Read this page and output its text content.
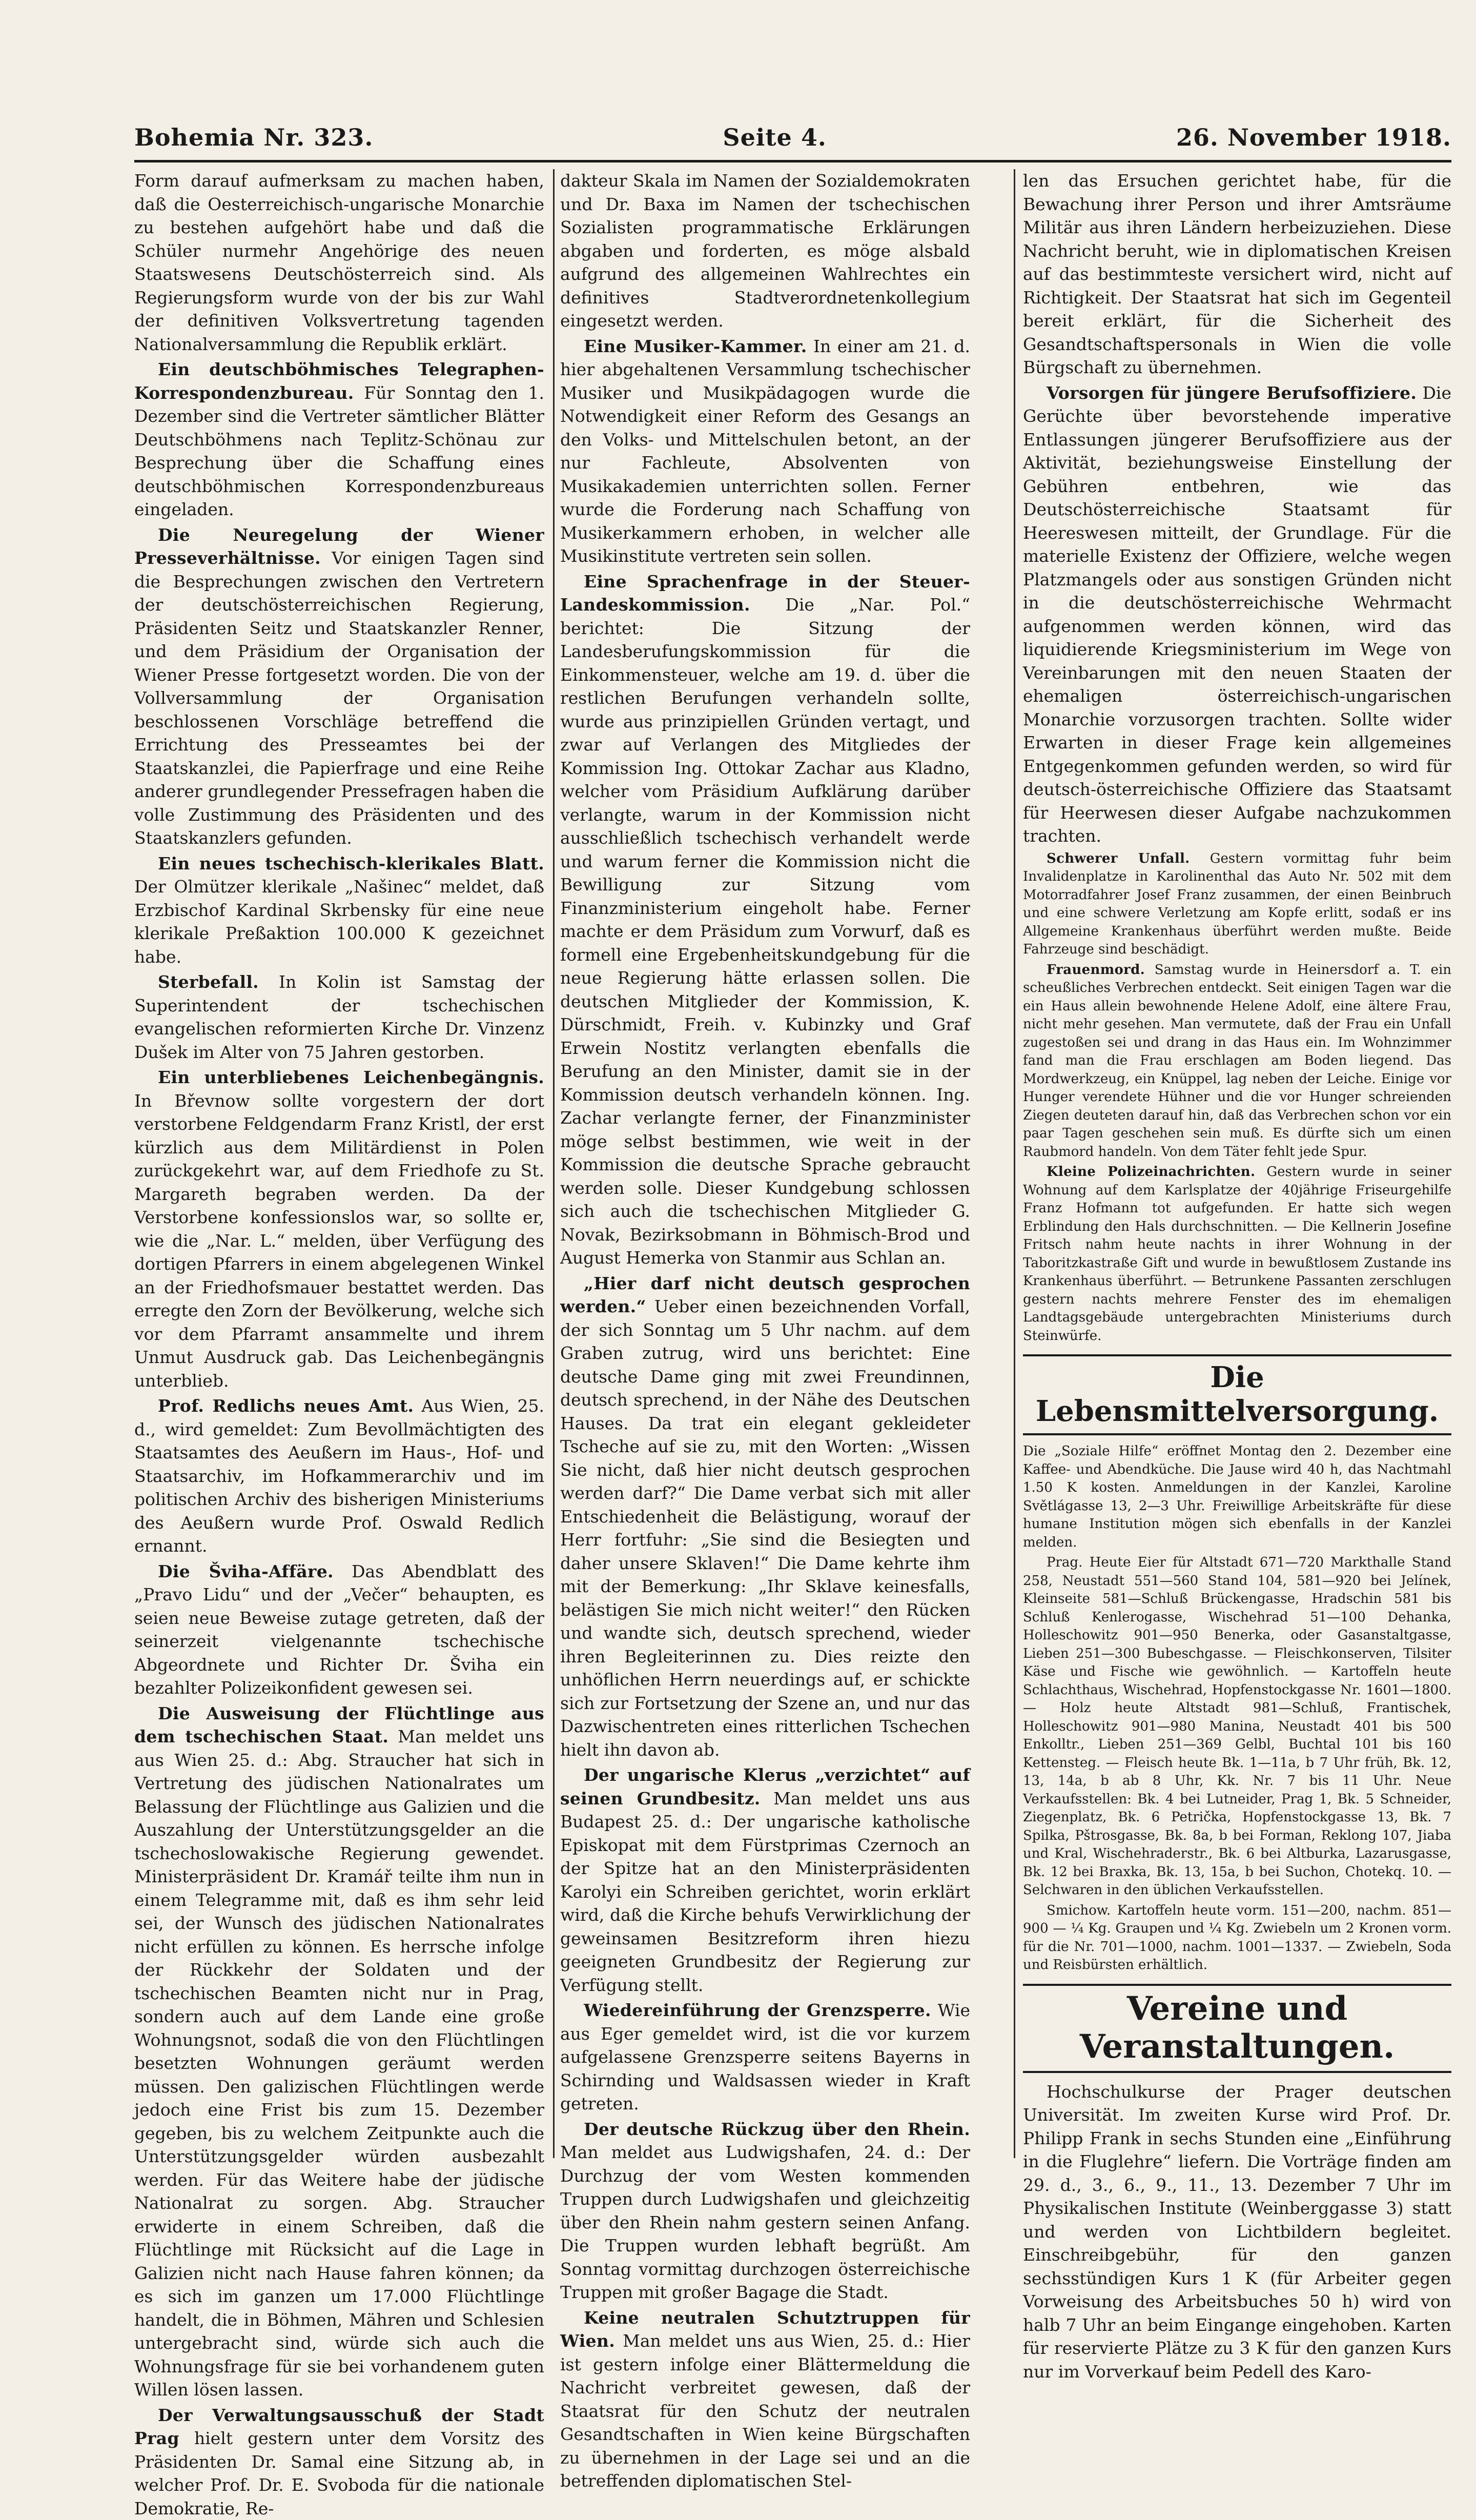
Bohemia Nr. 323.	Seite 4.	26. November 1918.

Form darauf aufmerksam zu machen haben, daß die Oesterreichisch-ungarische Monarchie zu bestehen aufgehört habe und daß die Schüler nurmehr Angehörige des neuen Staatswesens Deutschösterreich sind. Als Regierungsform wurde von der bis zur Wahl der definitiven Volksvertretung tagenden Nationalversammlung die Republik erklärt.

Ein deutschböhmisches Telegraphen-Korrespondenzbureau. Für Sonntag den 1. Dezember sind die Vertreter sämtlicher Blätter Deutschböhmens nach Teplitz-Schönau zur Besprechung über die Schaffung eines deutschböhmischen Korrespondenzbureaus eingeladen.

Die Neuregelung der Wiener Presseverhältnisse. Vor einigen Tagen sind die Besprechungen zwischen den Vertretern der deutschösterreichischen Regierung, Präsidenten Seitz und Staatskanzler Renner, und dem Präsidium der Organisation der Wiener Presse fortgesetzt worden. Die von der Vollversammlung der Organisation beschlossenen Vorschläge betreffend die Errichtung des Presseamtes bei der Staatskanzlei, die Papierfrage und eine Reihe anderer grundlegender Pressefragen haben die volle Zustimmung des Präsidenten und des Staatskanzlers gefunden.

Ein neues tschechisch-klerikales Blatt. Der Olmützer klerikale „Našinec“ meldet, daß Erzbischof Kardinal Skrbensky für eine neue klerikale Preßaktion 100.000 K gezeichnet habe.

Sterbefall. In Kolin ist Samstag der Superintendent der tschechischen evangelischen reformierten Kirche Dr. Vinzenz Dušek im Alter von 75 Jahren gestorben.

Ein unterbliebenes Leichenbegängnis. In Břevnow sollte vorgestern der dort verstorbene Feldgendarm Franz Kristl, der erst kürzlich aus dem Militärdienst in Polen zurückgekehrt war, auf dem Friedhofe zu St. Margareth begraben werden. Da der Verstorbene konfessionslos war, so sollte er, wie die „Nar. L.“ melden, über Verfügung des dortigen Pfarrers in einem abgelegenen Winkel an der Friedhofsmauer bestattet werden. Das erregte den Zorn der Bevölkerung, welche sich vor dem Pfarramt ansammelte und ihrem Unmut Ausdruck gab. Das Leichenbegängnis unterblieb.

Prof. Redlichs neues Amt. Aus Wien, 25. d., wird gemeldet: Zum Bevollmächtigten des Staatsamtes des Aeußern im Haus-, Hof- und Staatsarchiv, im Hofkammerarchiv und im politischen Archiv des bisherigen Ministeriums des Aeußern wurde Prof. Oswald Redlich ernannt.

Die Šviha-Affäre. Das Abendblatt des „Pravo Lidu“ und der „Večer“ behaupten, es seien neue Beweise zutage getreten, daß der seinerzeit vielgenannte tschechische Abgeordnete und Richter Dr. Šviha ein bezahlter Polizeikonfident gewesen sei.

Die Ausweisung der Flüchtlinge aus dem tschechischen Staat. Man meldet uns aus Wien 25. d.: Abg. Straucher hat sich in Vertretung des jüdischen Nationalrates um Belassung der Flüchtlinge aus Galizien und die Auszahlung der Unterstützungsgelder an die tschechoslowakische Regierung gewendet. Ministerpräsident Dr. Kramář teilte ihm nun in einem Telegramme mit, daß es ihm sehr leid sei, der Wunsch des jüdischen Nationalrates nicht erfüllen zu können. Es herrsche infolge der Rückkehr der Soldaten und der tschechischen Beamten nicht nur in Prag, sondern auch auf dem Lande eine große Wohnungsnot, sodaß die von den Flüchtlingen besetzten Wohnungen geräumt werden müssen. Den galizischen Flüchtlingen werde jedoch eine Frist bis zum 15. Dezember gegeben, bis zu welchem Zeitpunkte auch die Unterstützungsgelder würden ausbezahlt werden. Für das Weitere habe der jüdische Nationalrat zu sorgen. Abg. Straucher erwiderte in einem Schreiben, daß die Flüchtlinge mit Rücksicht auf die Lage in Galizien nicht nach Hause fahren können; da es sich im ganzen um 17.000 Flüchtlinge handelt, die in Böhmen, Mähren und Schlesien untergebracht sind, würde sich auch die Wohnungsfrage für sie bei vorhandenem guten Willen lösen lassen.

Der Verwaltungsausschuß der Stadt Prag hielt gestern unter dem Vorsitz des Präsidenten Dr. Samal eine Sitzung ab, in welcher Prof. Dr. E. Svoboda für die nationale Demokratie, Re-

dakteur Skala im Namen der Sozialdemokraten und Dr. Baxa im Namen der tschechischen Sozialisten programmatische Erklärungen abgaben und forderten, es möge alsbald aufgrund des allgemeinen Wahlrechtes ein definitives Stadtverordnetenkollegium eingesetzt werden.

Eine Musiker-Kammer. In einer am 21. d. hier abgehaltenen Versammlung tschechischer Musiker und Musikpädagogen wurde die Notwendigkeit einer Reform des Gesangs an den Volks- und Mittelschulen betont, an der nur Fachleute, Absolventen von Musikakademien unterrichten sollen. Ferner wurde die Forderung nach Schaffung von Musikerkammern erhoben, in welcher alle Musikinstitute vertreten sein sollen.

Eine Sprachenfrage in der Steuer-Landeskommission. Die „Nar. Pol.“ berichtet: Die Sitzung der Landesberufungskommission für die Einkommensteuer, welche am 19. d. über die restlichen Berufungen verhandeln sollte, wurde aus prinzipiellen Gründen vertagt, und zwar auf Verlangen des Mitgliedes der Kommission Ing. Ottokar Zachar aus Kladno, welcher vom Präsidium Aufklärung darüber verlangte, warum in der Kommission nicht ausschließlich tschechisch verhandelt werde und warum ferner die Kommission nicht die Bewilligung zur Sitzung vom Finanzministerium eingeholt habe. Ferner machte er dem Präsidum zum Vorwurf, daß es formell eine Ergebenheitskundgebung für die neue Regierung hätte erlassen sollen. Die deutschen Mitglieder der Kommission, K. Dürschmidt, Freih. v. Kubinzky und Graf Erwein Nostitz verlangten ebenfalls die Berufung an den Minister, damit sie in der Kommission deutsch verhandeln können. Ing. Zachar verlangte ferner, der Finanzminister möge selbst bestimmen, wie weit in der Kommission die deutsche Sprache gebraucht werden solle. Dieser Kundgebung schlossen sich auch die tschechischen Mitglieder G. Novak, Bezirksobmann in Böhmisch-Brod und August Hemerka von Stanmir aus Schlan an.

„Hier darf nicht deutsch gesprochen werden.“ Ueber einen bezeichnenden Vorfall, der sich Sonntag um 5 Uhr nachm. auf dem Graben zutrug, wird uns berichtet: Eine deutsche Dame ging mit zwei Freundinnen, deutsch sprechend, in der Nähe des Deutschen Hauses. Da trat ein elegant gekleideter Tscheche auf sie zu, mit den Worten: „Wissen Sie nicht, daß hier nicht deutsch gesprochen werden darf?“ Die Dame verbat sich mit aller Entschiedenheit die Belästigung, worauf der Herr fortfuhr: „Sie sind die Besiegten und daher unsere Sklaven!“ Die Dame kehrte ihm mit der Bemerkung: „Ihr Sklave keinesfalls, belästigen Sie mich nicht weiter!“ den Rücken und wandte sich, deutsch sprechend, wieder ihren Begleiterinnen zu. Dies reizte den unhöflichen Herrn neuerdings auf, er schickte sich zur Fortsetzung der Szene an, und nur das Dazwischentreten eines ritterlichen Tschechen hielt ihn davon ab.

Der ungarische Klerus „verzichtet“ auf seinen Grundbesitz. Man meldet uns aus Budapest 25. d.: Der ungarische katholische Episkopat mit dem Fürstprimas Czernoch an der Spitze hat an den Ministerpräsidenten Karolyi ein Schreiben gerichtet, worin erklärt wird, daß die Kirche behufs Verwirklichung der geweinsamen Besitzreform ihren hiezu geeigneten Grundbesitz der Regierung zur Verfügung stellt.

Wiedereinführung der Grenzsperre. Wie aus Eger gemeldet wird, ist die vor kurzem aufgelassene Grenzsperre seitens Bayerns in Schirnding und Waldsassen wieder in Kraft getreten.

Der deutsche Rückzug über den Rhein. Man meldet aus Ludwigshafen, 24. d.: Der Durchzug der vom Westen kommenden Truppen durch Ludwigshafen und gleichzeitig über den Rhein nahm gestern seinen Anfang. Die Truppen wurden lebhaft begrüßt. Am Sonntag vormittag durchzogen österreichische Truppen mit großer Bagage die Stadt.

Keine neutralen Schutztruppen für Wien. Man meldet uns aus Wien, 25. d.: Hier ist gestern infolge einer Blättermeldung die Nachricht verbreitet gewesen, daß der Staatsrat für den Schutz der neutralen Gesandtschaften in Wien keine Bürgschaften zu übernehmen in der Lage sei und an die betreffenden diplomatischen Stel-

len das Ersuchen gerichtet habe, für die Bewachung ihrer Person und ihrer Amtsräume Militär aus ihren Ländern herbeizuziehen. Diese Nachricht beruht, wie in diplomatischen Kreisen auf das bestimmteste versichert wird, nicht auf Richtigkeit. Der Staatsrat hat sich im Gegenteil bereit erklärt, für die Sicherheit des Gesandtschaftspersonals in Wien die volle Bürgschaft zu übernehmen.

Vorsorgen für jüngere Berufsoffiziere. Die Gerüchte über bevorstehende imperative Entlassungen jüngerer Berufsoffiziere aus der Aktivität, beziehungsweise Einstellung der Gebühren entbehren, wie das Deutschösterreichische Staatsamt für Heereswesen mitteilt, der Grundlage. Für die materielle Existenz der Offiziere, welche wegen Platzmangels oder aus sonstigen Gründen nicht in die deutschösterreichische Wehrmacht aufgenommen werden können, wird das liquidierende Kriegsministerium im Wege von Vereinbarungen mit den neuen Staaten der ehemaligen österreichisch-ungarischen Monarchie vorzusorgen trachten. Sollte wider Erwarten in dieser Frage kein allgemeines Entgegenkommen gefunden werden, so wird für deutsch-österreichische Offiziere das Staatsamt für Heerwesen dieser Aufgabe nachzukommen trachten.

Schwerer Unfall. Gestern vormittag fuhr beim Invalidenplatze in Karolinenthal das Auto Nr. 502 mit dem Motorradfahrer Josef Franz zusammen, der einen Beinbruch und eine schwere Verletzung am Kopfe erlitt, sodaß er ins Allgemeine Krankenhaus überführt werden mußte. Beide Fahrzeuge sind beschädigt.

Frauenmord. Samstag wurde in Heinersdorf a. T. ein scheußliches Verbrechen entdeckt. Seit einigen Tagen war die ein Haus allein bewohnende Helene Adolf, eine ältere Frau, nicht mehr gesehen. Man vermutete, daß der Frau ein Unfall zugestoßen sei und drang in das Haus ein. Im Wohnzimmer fand man die Frau erschlagen am Boden liegend. Das Mordwerkzeug, ein Knüppel, lag neben der Leiche. Einige vor Hunger verendete Hühner und die vor Hunger schreienden Ziegen deuteten darauf hin, daß das Verbrechen schon vor ein paar Tagen geschehen sein muß. Es dürfte sich um einen Raubmord handeln. Von dem Täter fehlt jede Spur.

Kleine Polizeinachrichten. Gestern wurde in seiner Wohnung auf dem Karlsplatze der 40jährige Friseurgehilfe Franz Hofmann tot aufgefunden. Er hatte sich wegen Erblindung den Hals durchschnitten. — Die Kellnerin Josefine Fritsch nahm heute nachts in ihrer Wohnung in der Taboritzkastraße Gift und wurde in bewußtlosem Zustande ins Krankenhaus überführt. — Betrunkene Passanten zerschlugen gestern nachts mehrere Fenster des im ehemaligen Landtagsgebäude untergebrachten Ministeriums durch Steinwürfe.

Die Lebensmittelversorgung.

Die „Soziale Hilfe“ eröffnet Montag den 2. Dezember eine Kaffee- und Abendküche. Die Jause wird 40 h, das Nachtmahl 1.50 K kosten. Anmeldungen in der Kanzlei, Karoline Světlágasse 13, 2—3 Uhr. Freiwillige Arbeitskräfte für diese humane Institution mögen sich ebenfalls in der Kanzlei melden.

Prag. Heute Eier für Altstadt 671—720 Markthalle Stand 258, Neustadt 551—560 Stand 104, 581—920 bei Jelínek, Kleinseite 581—Schluß Brückengasse, Hradschin 581 bis Schluß Kenlerogasse, Wischehrad 51—100 Dehanka, Holleschowitz 901—950 Benerka, oder Gasanstaltgasse, Lieben 251—300 Bubeschgasse. — Fleischkonserven, Tilsiter Käse und Fische wie gewöhnlich. — Kartoffeln heute Schlachthaus, Wischehrad, Hopfenstockgasse Nr. 1601—1800. — Holz heute Altstadt 981—Schluß, Frantischek, Holleschowitz 901—980 Manina, Neustadt 401 bis 500 Enkolltr., Lieben 251—369 Gelbl, Buchtal 101 bis 160 Kettensteg. — Fleisch heute Bk. 1—11a, b 7 Uhr früh, Bk. 12, 13, 14a, b ab 8 Uhr, Kk. Nr. 7 bis 11 Uhr. Neue Verkaufsstellen: Bk. 4 bei Lutneider, Prag 1, Bk. 5 Schneider, Ziegenplatz, Bk. 6 Petrička, Hopfenstockgasse 13, Bk. 7 Spilka, Pštrosgasse, Bk. 8a, b bei Forman, Reklong 107, Jiaba und Kral, Wischehraderstr., Bk. 6 bei Altburka, Lazarusgasse, Bk. 12 bei Braxka, Bk. 13, 15a, b bei Suchon, Chotekq. 10. — Selchwaren in den üblichen Verkaufsstellen.

Smichow. Kartoffeln heute vorm. 151—200, nachm. 851—900 — ¼ Kg. Graupen und ¼ Kg. Zwiebeln um 2 Kronen vorm. für die Nr. 701—1000, nachm. 1001—1337. — Zwiebeln, Soda und Reisbürsten erhältlich.

Vereine und Veranstaltungen.

Hochschulkurse der Prager deutschen Universität. Im zweiten Kurse wird Prof. Dr. Philipp Frank in sechs Stunden eine „Einführung in die Fluglehre“ liefern. Die Vorträge finden am 29. d., 3., 6., 9., 11., 13. Dezember 7 Uhr im Physikalischen Institute (Weinberggasse 3) statt und werden von Lichtbildern begleitet. Einschreibgebühr, für den ganzen sechsstündigen Kurs 1 K (für Arbeiter gegen Vorweisung des Arbeitsbuches 50 h) wird von halb 7 Uhr an beim Eingange eingehoben. Karten für reservierte Plätze zu 3 K für den ganzen Kurs nur im Vorverkauf beim Pedell des Karo-
